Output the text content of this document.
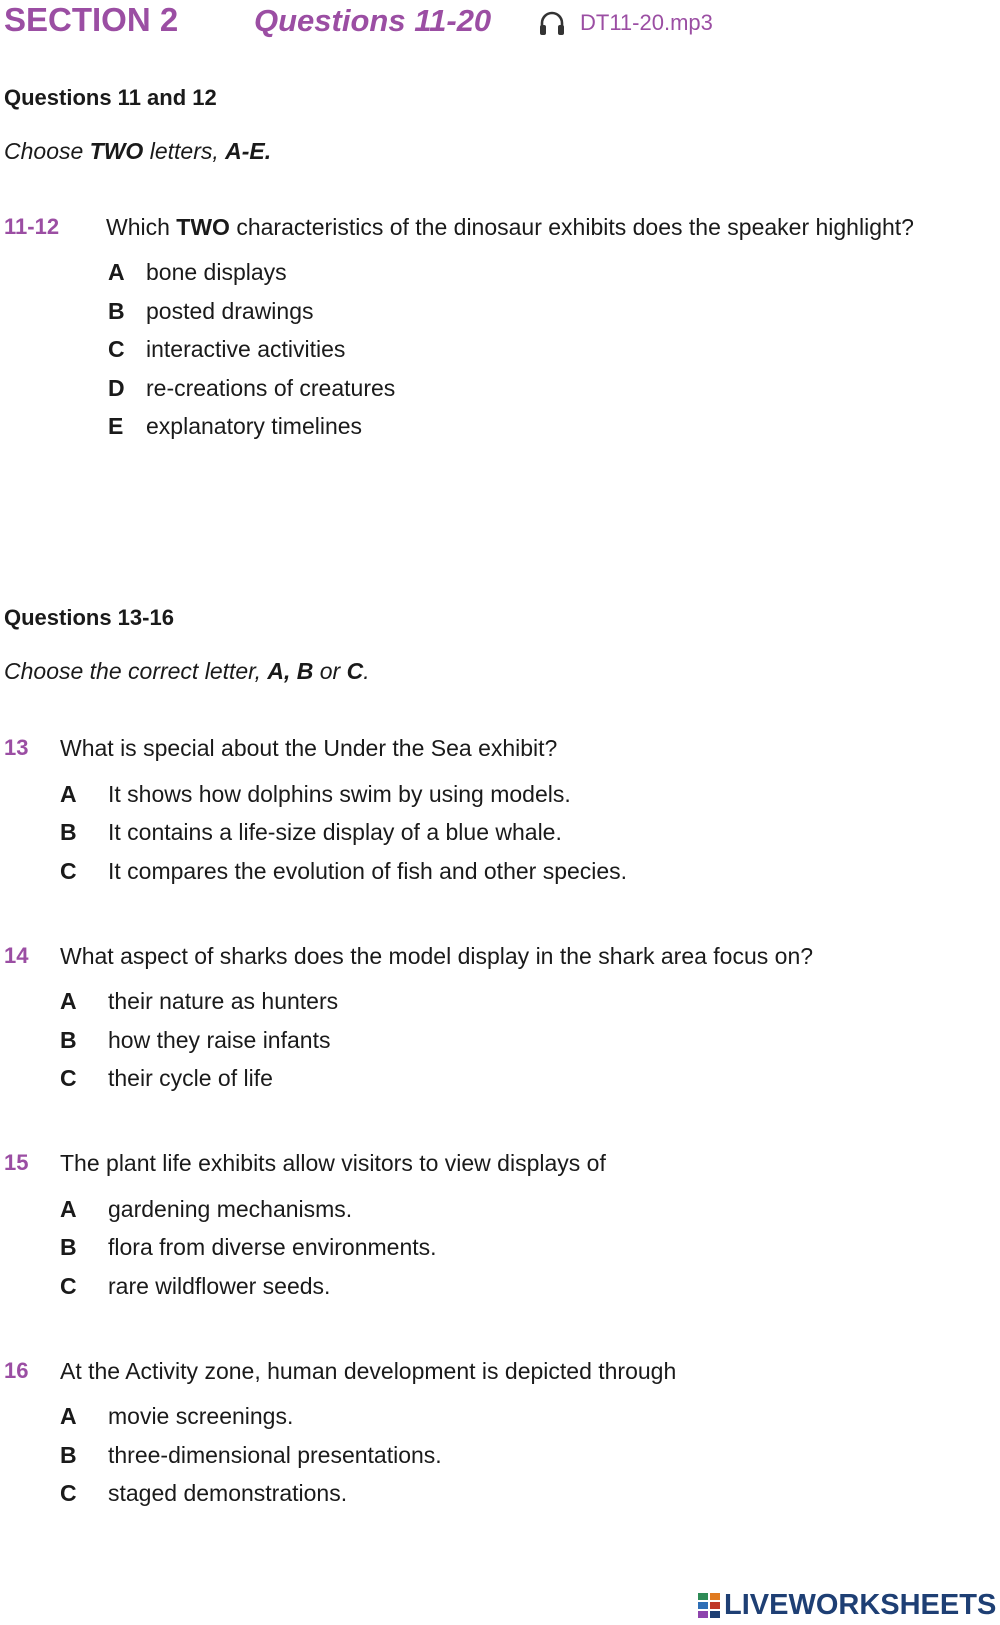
SECTION 2 Questions 11-20	DT11-20.mp3
Questions 11 and 12
Choose TWO letters, A-E.
11-12 Which TWO characteristics of the dinosaur exhibits does the speaker highlight?
A bone displays
B posted drawings
C interactive activities
D re-creations of creatures
E explanatory timelines
Questions 13-16
Choose the correct letter, A, B or C.
13 What is special about the Under the Sea exhibit?
A It shows how dolphins swim by using models.
B It contains a life-size display of a blue whale.
C It compares the evolution of fish and other species.
14 What aspect of sharks does the model display in the shark area focus on?
A their nature as hunters
B how they raise infants
C their cycle of life
15 The plant life exhibits allow visitors to view displays of
A gardening mechanisms.
B flora from diverse environments.
C rare wildflower seeds.
16 At the Activity zone, human development is depicted through
A movie screenings.
B three-dimensional presentations.
C staged demonstrations.
LIVEWORKSHEETS
